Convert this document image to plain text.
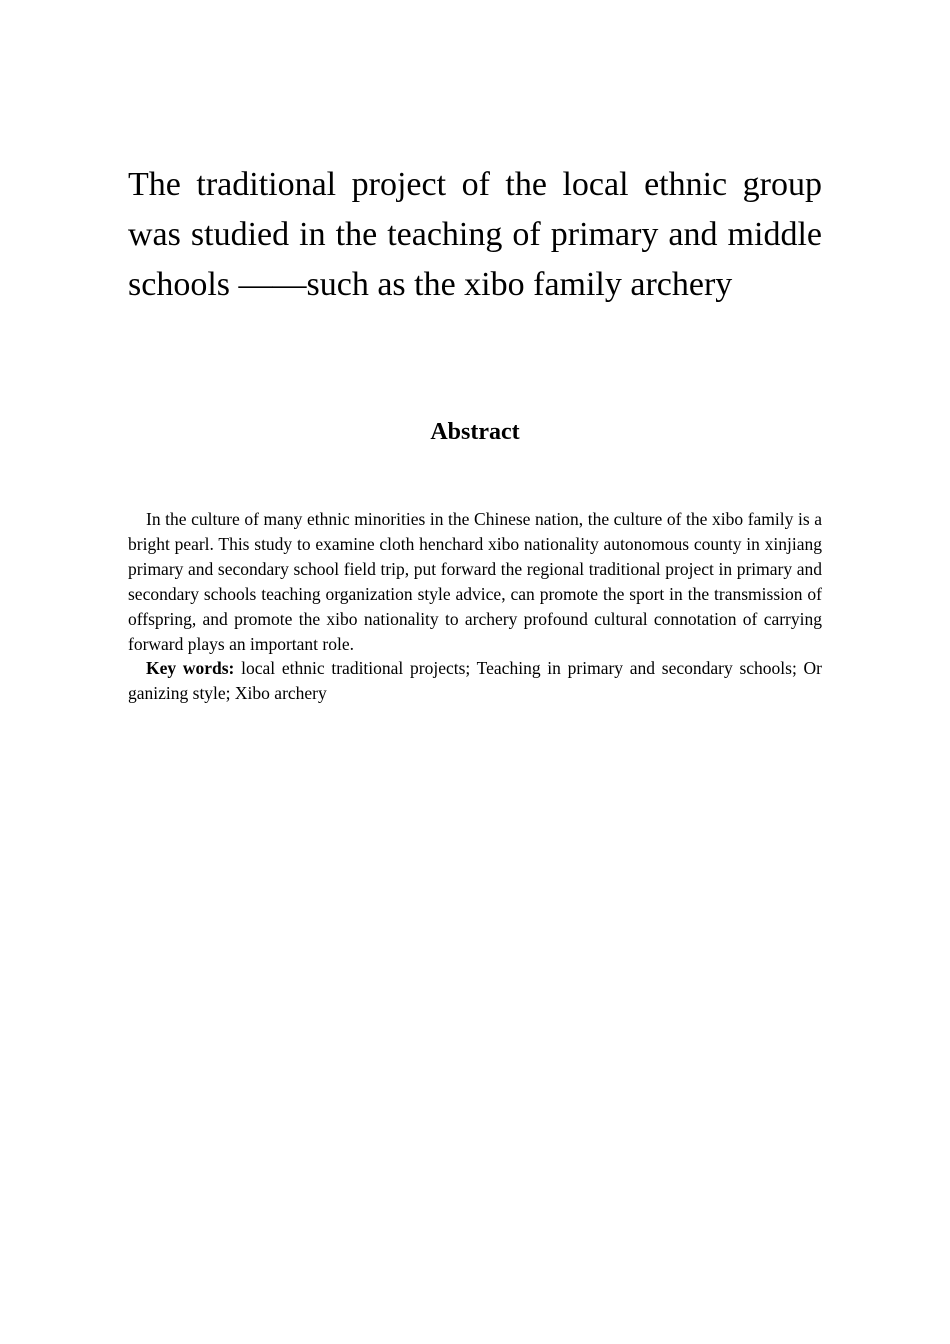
The traditional project of the local ethnic group was studied in the teaching of primary and middle schools ——such as the xibo family archery
Abstract

In the culture of many ethnic minorities in the Chinese nation, the culture of the xibo family is a bright pearl. This study to examine cloth henchard xibo nationality autonomous county in xinjiang primary and secondary school field trip, put forward the regional traditional project in primary and secondary schools teaching organization style advice, can promote the sport in the transmission of offspring, and promote the xibo nationality to archery profound cultural connotation of carrying forward plays an important role.

Key words: local ethnic traditional projects; Teaching in primary and secondary schools; Or ganizing style; Xibo archery
